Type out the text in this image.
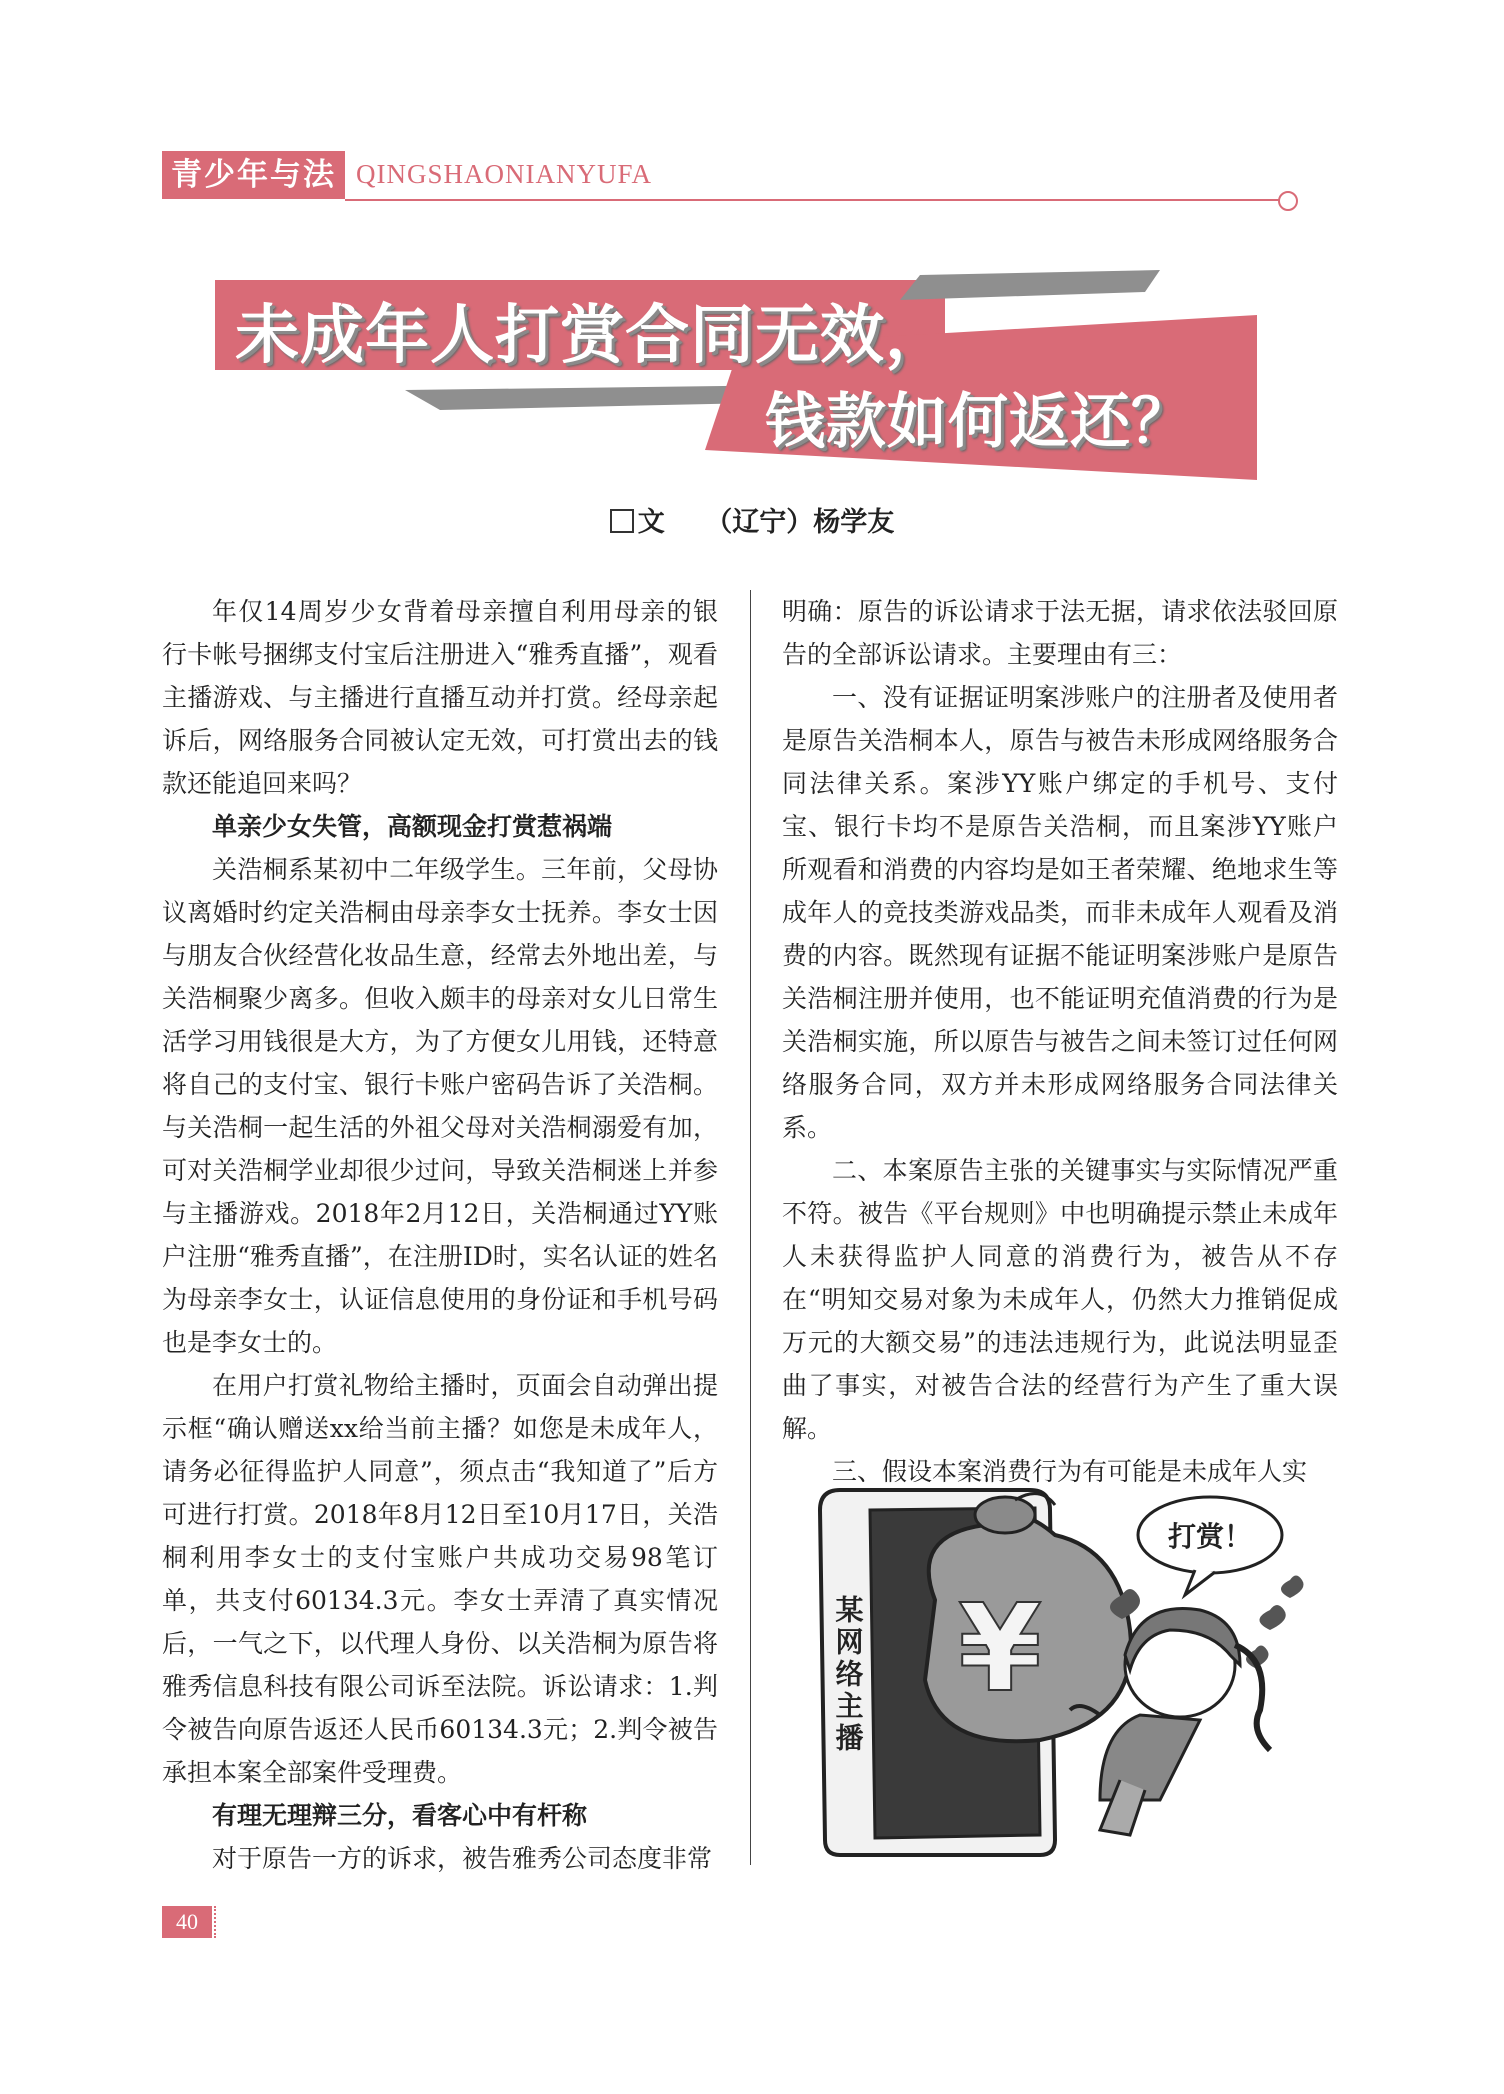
青少年与法 QINGSHAONIANYUFA
未成年人打赏合同无效，
钱款如何返还？
文　　 （辽宁）杨学友

年仅14周岁少女背着母亲擅自利用母亲的银行卡帐号捆绑支付宝后注册进入“雅秀直播”，观看主播游戏、与主播进行直播互动并打赏。经母亲起诉后，网络服务合同被认定无效，可打赏出去的钱款还能追回来吗？

单亲少女失管，高额现金打赏惹祸端

关浩桐系某初中二年级学生。三年前，父母协议离婚时约定关浩桐由母亲李女士抚养。李女士因与朋友合伙经营化妆品生意，经常去外地出差，与关浩桐聚少离多。但收入颇丰的母亲对女儿日常生活学习用钱很是大方，为了方便女儿用钱，还特意将自己的支付宝、银行卡账户密码告诉了关浩桐。与关浩桐一起生活的外祖父母对关浩桐溺爱有加，可对关浩桐学业却很少过问，导致关浩桐迷上并参与主播游戏。2018年2月12日，关浩桐通过YY账户注册“雅秀直播”，在注册ID时，实名认证的姓名为母亲李女士，认证信息使用的身份证和手机号码也是李女士的。

在用户打赏礼物给主播时，页面会自动弹出提示框“确认赠送xx给当前主播？如您是未成年人，请务必征得监护人同意”，须点击“我知道了”后方可进行打赏。2018年8月12日至10月17日，关浩桐利用李女士的支付宝账户共成功交易98笔订单，共支付60134.3元。李女士弄清了真实情况后，一气之下，以代理人身份、以关浩桐为原告将雅秀信息科技有限公司诉至法院。诉讼请求：1.判令被告向原告返还人民币60134.3元；2.判令被告承担本案全部案件受理费。

有理无理辩三分，看客心中有杆称

对于原告一方的诉求，被告雅秀公司态度非常

明确：原告的诉讼请求于法无据，请求依法驳回原告的全部诉讼请求。主要理由有三：

一、没有证据证明案涉账户的注册者及使用者是原告关浩桐本人，原告与被告未形成网络服务合同法律关系。案涉YY账户绑定的手机号、支付宝、银行卡均不是原告关浩桐，而且案涉YY账户所观看和消费的内容均是如王者荣耀、绝地求生等成年人的竞技类游戏品类，而非未成年人观看及消费的内容。既然现有证据不能证明案涉账户是原告关浩桐注册并使用，也不能证明充值消费的行为是关浩桐实施，所以原告与被告之间未签订过任何网络服务合同，双方并未形成网络服务合同法律关系。

二、本案原告主张的关键事实与实际情况严重不符。被告《平台规则》中也明确提示禁止未成年人未获得监护人同意的消费行为，被告从不存在“明知交易对象为未成年人，仍然大力推销促成万元的大额交易”的违法违规行为，此说法明显歪曲了事实，对被告合法的经营行为产生了重大误解。

三、假设本案消费行为有可能是未成年人实

某网络主播 ¥
打赏！
40
